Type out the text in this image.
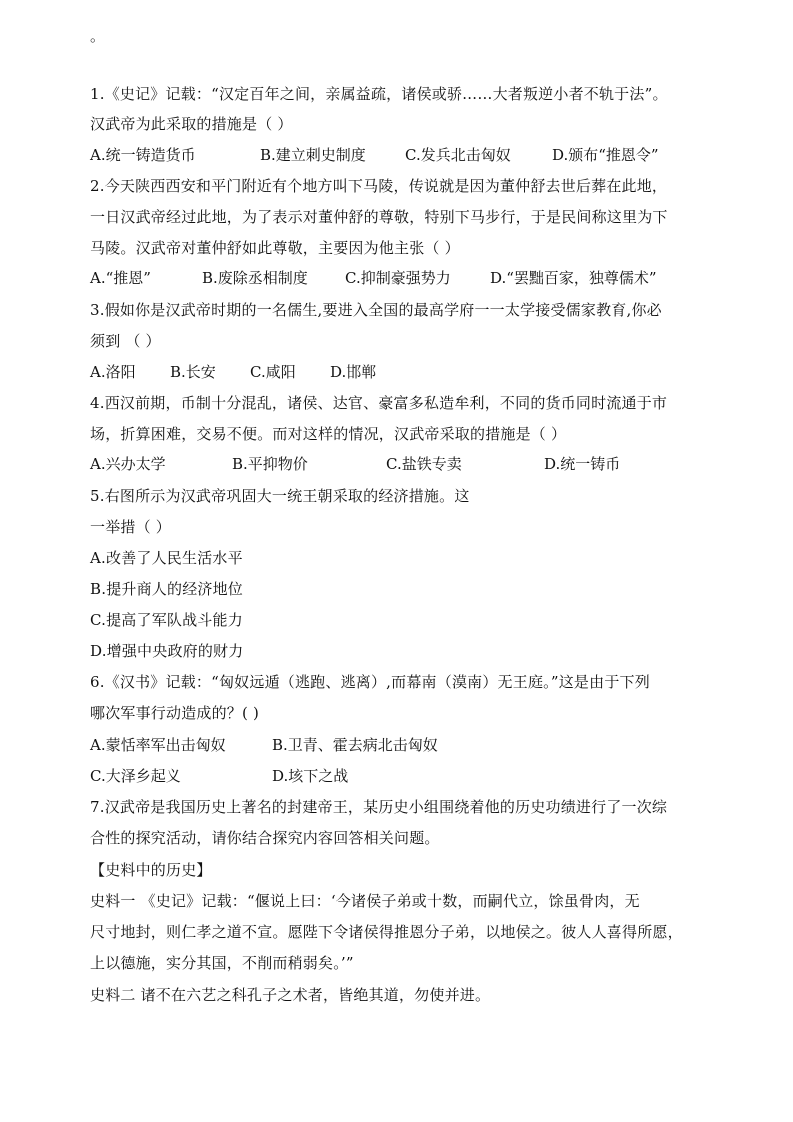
。
1.《史记》记载：“汉定百年之间，亲属益疏，诸侯或骄……大者叛逆小者不轨于法”。
汉武帝为此采取的措施是（ ）
A.统一铸造货币	B.建立刺史制度	C.发兵北击匈奴	D.颁布“推恩令”
2.今天陕西西安和平门附近有个地方叫下马陵，传说就是因为董仲舒去世后葬在此地，
一日汉武帝经过此地，为了表示对董仲舒的尊敬，特别下马步行，于是民间称这里为下
马陵。汉武帝对董仲舒如此尊敬，主要因为他主张（ ）
A.“推恩”	B.废除丞相制度 C.抑制豪强势力	D.“罢黜百家，独尊儒术”
3.假如你是汉武帝时期的一名儒生,要进入全国的最高学府一一太学接受儒家教育,你必
须到 （ ）
A.洛阳 B.长安 C.咸阳 D.邯郸
4.西汉前期，币制十分混乱，诸侯、达官、豪富多私造牟利，不同的货币同时流通于市
场，折算困难，交易不便。而对这样的情况，汉武帝采取的措施是（ ）
A.兴办太学	B.平抑物价	C.盐铁专卖	D.统一铸币
5.右图所示为汉武帝巩固大一统王朝采取的经济措施。这
一举措（ ）
A.改善了人民生活水平
B.提升商人的经济地位
C.提高了军队战斗能力
D.增强中央政府的财力
6.《汉书》记载：“匈奴远遁（逃跑、逃离）,而幕南（漠南）无王庭。”这是由于下列
哪次军事行动造成的？( )
A.蒙恬率军出击匈奴	B.卫青、霍去病北击匈奴
C.大泽乡起义	D.垓下之战
7.汉武帝是我国历史上著名的封建帝王，某历史小组围绕着他的历史功绩进行了一次综
合性的探究活动，请你结合探究内容回答相关问题。
【史料中的历史】
史料一 《史记》记载：“偃说上曰：‘今诸侯子弟或十数，而嗣代立，馀虽骨肉，无
尺寸地封，则仁孝之道不宣。愿陛下令诸侯得推恩分子弟，以地侯之。彼人人喜得所愿，
上以德施，实分其国，不削而稍弱矣。’”
史料二 诸不在六艺之科孔子之术者，皆绝其道，勿使并进。
